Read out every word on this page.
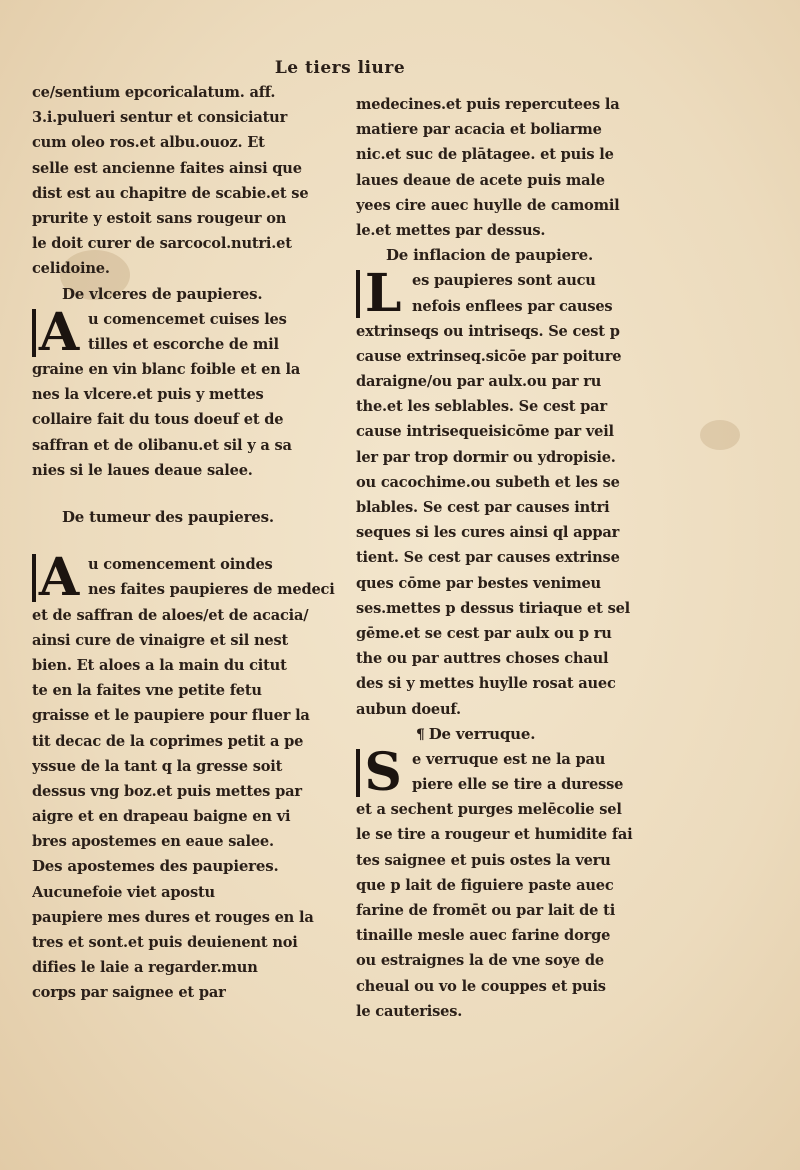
Le tiers liure
ce/sentium epcoricalatum. aff.
3.i.pulueri sentur et consiciatur
cum oleo ros.et albu.ouoz. Et
selle est ancienne faites ainsi que
dist est au chapitre de scabie.et se
prurite y estoit sans rougeur on
le doit curer de sarcocol.nutri.et
celidoine.
De vlceres de paupieres.
A u comencemet cuises les
tilles et escorche de mil
graine en vin blanc foible et en la
nes la vlcere.et puis y mettes
collaire fait du tous doeuf et de
saffran et de olibanu.et sil y a sa
nies si le laues deaue salee.
De tumeur des paupieres.
A u comencement oindes
nes faites paupieres de medeci
et de saffran de aloes/et de acacia/
ainsi cure de vinaigre et sil nest
bien. Et aloes a la main du citut
te en la faites vne petite fetu
graisse et le paupiere pour fluer la
tit decac de la coprimes petit a pe
yssue de la tant q la gresse soit
dessus vng boz.et puis mettes par
aigre et en drapeau baigne en vi
bres apostemes en eaue salee.
Des apostemes des paupieres.
Aucunefoie viet apostu
paupiere mes dures et rouges en la
tres et sont.et puis deuienent noi
difies le laie a regarder.mun
corps par saignee et par
medecines.et puis repercutees la
matiere par acacia et boliarme
nic.et suc de plātagee. et puis le
laues deaue de acete puis male
yees cire auec huylle de camomil
le.et mettes par dessus.
De inflacion de paupiere.
L es paupieres sont aucu
nefois enflees par causes
extrinseqs ou intriseqs. Se cest p
cause extrinseq.sicōe par poiture
daraigne/ou par aulx.ou par ru
the.et les seblables. Se cest par
cause intrisequeisicōme par veil
ler par trop dormir ou ydropisie.
ou cacochime.ou subeth et les se
blables. Se cest par causes intri
seques si les cures ainsi ql appar
tient. Se cest par causes extrinse
ques cōme par bestes venimeu
ses.mettes p dessus tiriaque et sel
gēme.et se cest par aulx ou p ru
the ou par auttres choses chaul
des si y mettes huylle rosat auec
aubun doeuf.
¶ De verruque.
S e verruque est ne la pau
piere elle se tire a duresse
et a sechent purges melēcolie sel
le se tire a rougeur et humidite fai
tes saignee et puis ostes la veru
que p lait de figuiere paste auec
farine de fromēt ou par lait de ti
tinaille mesle auec farine dorge
ou estraignes la de vne soye de
cheual ou vo le couppes et puis
le cauterises.
